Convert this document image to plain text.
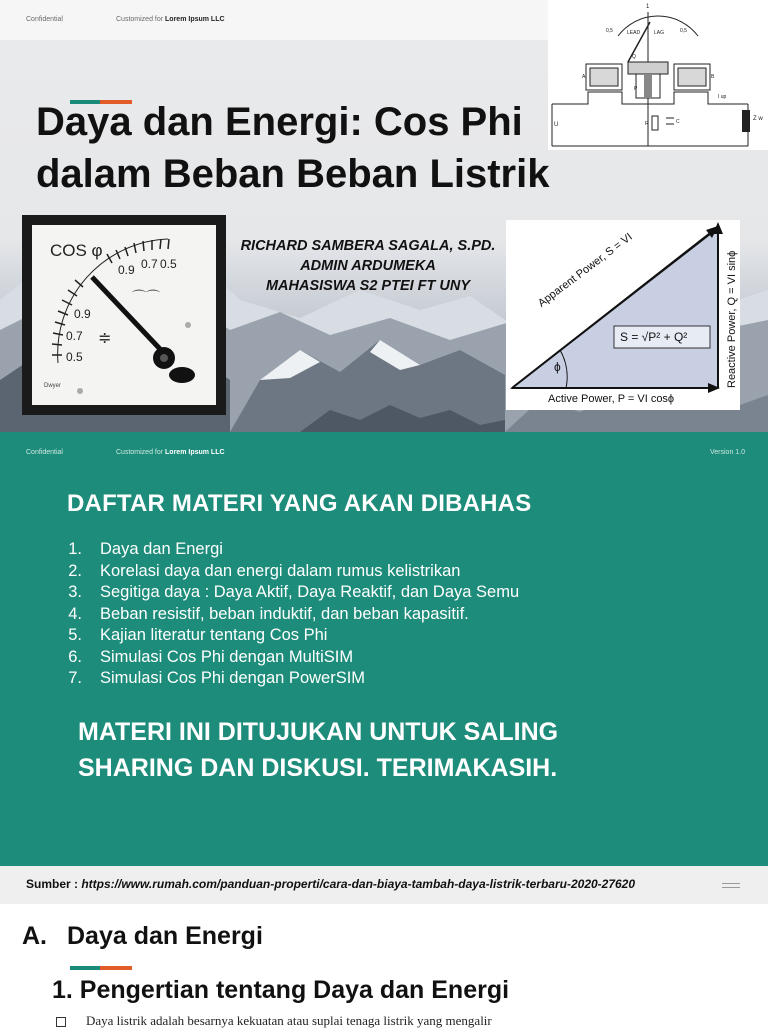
Confidential	Customized for Lorem Ipsum LLC
LEAD	LAG
1
0,5	0,5
A	B
Q
P
R	C
U
I up
Z w
Daya dan Energi: Cos Phi
dalam Beban Beban Listrik
COS φ
0.9 0.7 0.5
0.9
0.7
0.5
≑
⌒⌒
Dwyer
RICHARD SAMBERA SAGALA, S.PD.
ADMIN ARDUMEKA
MAHASISWA S2 PTEI FT UNY	Apparent Power, S = VI	Reactive Power, Q = VI sinϕ
Active Power, P = VI cosϕ
S = √P² + Q²
ϕ
Confidential	Customized for Lorem Ipsum LLC	Version 1.0
DAFTAR MATERI YANG AKAN DIBAHAS
1. Daya dan Energi
2. Korelasi daya dan energi dalam rumus kelistrikan
3. Segitiga daya : Daya Aktif, Daya Reaktif, dan Daya Semu
4. Beban resistif, beban induktif, dan beban kapasitif.
5. Kajian literatur tentang Cos Phi
6. Simulasi Cos Phi dengan MultiSIM
7. Simulasi Cos Phi dengan PowerSIM
MATERI INI DITUJUKAN UNTUK SALING
SHARING DAN DISKUSI. TERIMAKASIH.
Sumber : https://www.rumah.com/panduan-properti/cara-dan-biaya-tambah-daya-listrik-terbaru-2020-27620
A. Daya dan Energi
1. Pengertian tentang Daya dan Energi
Daya listrik adalah besarnya kekuatan atau suplai tenaga listrik yang mengalir
